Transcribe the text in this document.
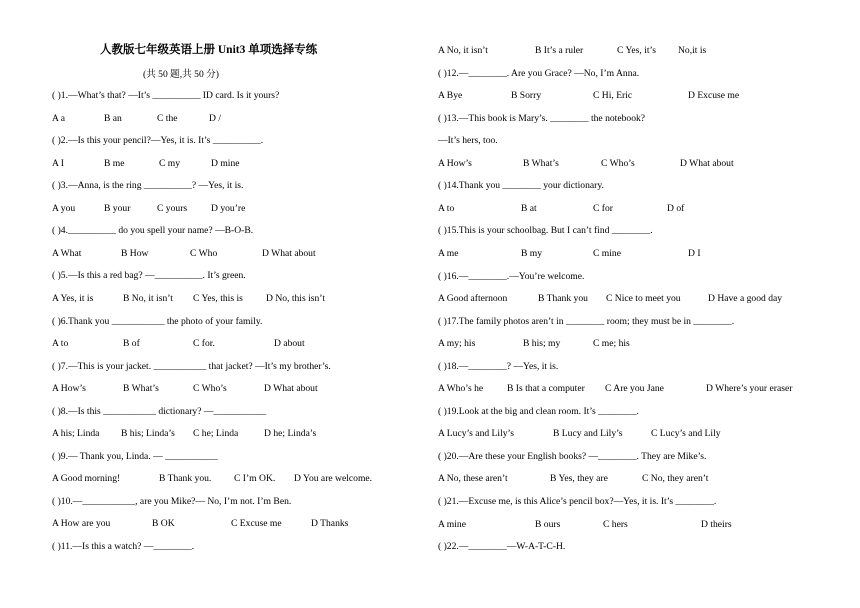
人教版七年级英语上册 Unit3 单项选择专练
(共 50 题,共 50 分)
( )1.—What’s that? —It’s __________ ID card. Is it yours?
A a	B an	C the	D /
( )2.—Is this your pencil?—Yes, it is. It’s __________.
A I	B me	C my	D mine
( )3.—Anna, is the ring __________? —Yes, it is.
A you	B your	C yours D you’re
( )4.__________ do you spell your name? —B-O-B.
A What	B How	C Who	D What about
( )5.—Is this a red bag? —__________. It’s green.
A Yes, it is	B No, it isn’t C Yes, this is D No, this isn’t
( )6.Thank you ___________ the photo of your family.
A to	B of	C for.	D about
( )7.—This is your jacket. ___________ that jacket? —It’s my brother’s.
A How’s	B What’s	C Who’s	D What about
( )8.—Is this ___________ dictionary? —___________
A his; Linda B his; Linda’s C he; Linda	D he; Linda’s
( )9.— Thank you, Linda. — ___________
A Good morning!	B Thank you. C I’m OK. D You are welcome.
( )10.—___________, are you Mike?— No, I’m not. I’m Ben.
A How are you	B OK	C Excuse me	D Thanks
( )11.—Is this a watch? —________.
A No, it isn’t	B It’s a ruler	C Yes, it’s No,it is
( )12.—________. Are you Grace? —No, I’m Anna.
A Bye	B Sorry	C Hi, Eric	D Excuse me
( )13.—This book is Mary’s. ________ the notebook?
—It’s hers, too.
A How’s	B What’s	C Who’s	D What about
( )14.Thank you ________ your dictionary.
A to	B at	C for	D of
( )15.This is your schoolbag. But I can’t find ________.
A me	B my	C mine	D I
( )16.—________.—You’re welcome.
A Good afternoon	B Thank you C Nice to meet you	D Have a good day
( )17.The family photos aren’t in ________ room; they must be in ________.
A my; his	B his; my	C me; his
( )18.—________? —Yes, it is.
A Who’s he B Is that a computer C Are you Jane	D Where’s your eraser
( )19.Look at the big and clean room. It’s ________.
A Lucy’s and Lily’s	B Lucy and Lily’s	C Lucy’s and Lily
( )20.—Are these your English books? —________. They are Mike’s.
A No, these aren’t	B Yes, they are	C No, they aren’t
( )21.—Excuse me, is this Alice’s pencil box?—Yes, it is. It’s ________.
A mine	B ours	C hers	D theirs
( )22.—________—W-A-T-C-H.
